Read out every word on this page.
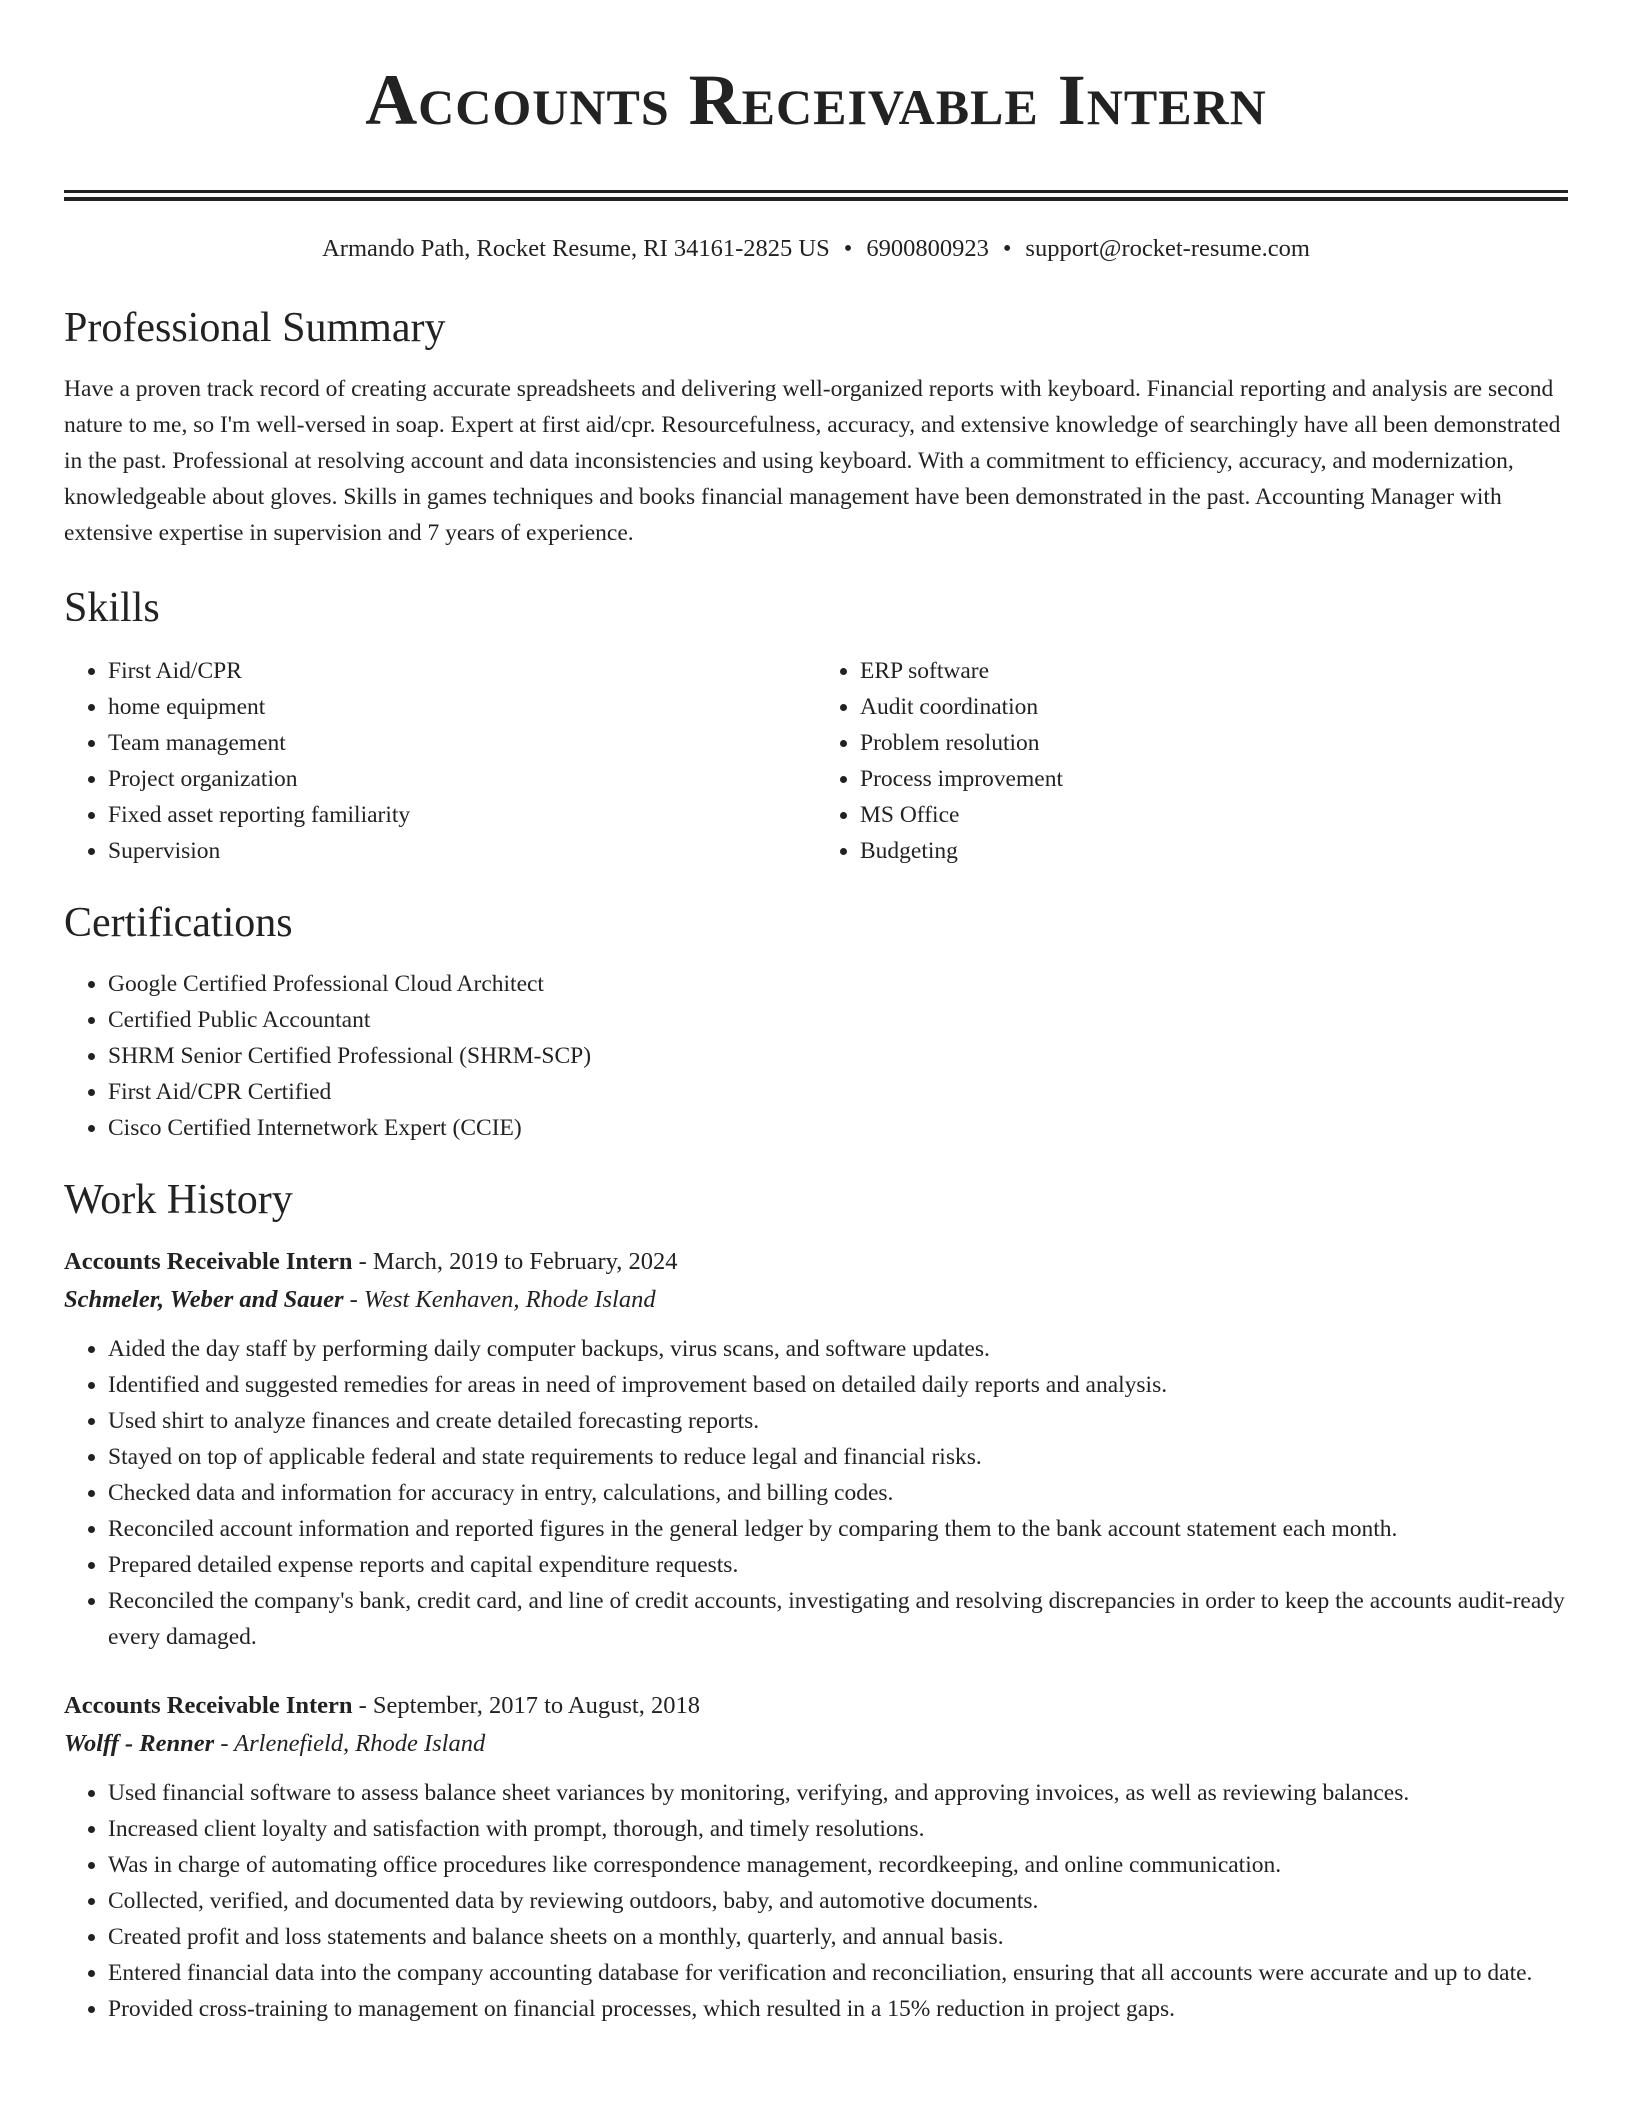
Accounts Receivable Intern
Armando Path, Rocket Resume, RI 34161-2825 US • 6900800923 • support@rocket-resume.com
Professional Summary

Have a proven track record of creating accurate spreadsheets and delivering well-organized reports with keyboard. Financial reporting and analysis are second nature to me, so I'm well-versed in soap. Expert at first aid/cpr. Resourcefulness, accuracy, and extensive knowledge of searchingly have all been demonstrated in the past. Professional at resolving account and data inconsistencies and using keyboard. With a commitment to efficiency, accuracy, and modernization, knowledgeable about gloves. Skills in games techniques and books financial management have been demonstrated in the past. Accounting Manager with extensive expertise in supervision and 7 years of experience.

Skills
• First Aid/CPR
• home equipment
• Team management
• Project organization
• Fixed asset reporting familiarity
• Supervision
• ERP software
• Audit coordination
• Problem resolution
• Process improvement
• MS Office
• Budgeting
Certifications
• Google Certified Professional Cloud Architect
• Certified Public Accountant
• SHRM Senior Certified Professional (SHRM-SCP)
• First Aid/CPR Certified
• Cisco Certified Internetwork Expert (CCIE)
Work History
Accounts Receivable Intern - March, 2019 to February, 2024
Schmeler, Weber and Sauer - West Kenhaven, Rhode Island
• Aided the day staff by performing daily computer backups, virus scans, and software updates.
• Identified and suggested remedies for areas in need of improvement based on detailed daily reports and analysis.
• Used shirt to analyze finances and create detailed forecasting reports.
• Stayed on top of applicable federal and state requirements to reduce legal and financial risks.
• Checked data and information for accuracy in entry, calculations, and billing codes.
• Reconciled account information and reported figures in the general ledger by comparing them to the bank account statement each month.
• Prepared detailed expense reports and capital expenditure requests.
• Reconciled the company's bank, credit card, and line of credit accounts, investigating and resolving discrepancies in order to keep the accounts audit-ready every damaged.
Accounts Receivable Intern - September, 2017 to August, 2018
Wolff - Renner - Arlenefield, Rhode Island
• Used financial software to assess balance sheet variances by monitoring, verifying, and approving invoices, as well as reviewing balances.
• Increased client loyalty and satisfaction with prompt, thorough, and timely resolutions.
• Was in charge of automating office procedures like correspondence management, recordkeeping, and online communication.
• Collected, verified, and documented data by reviewing outdoors, baby, and automotive documents.
• Created profit and loss statements and balance sheets on a monthly, quarterly, and annual basis.
• Entered financial data into the company accounting database for verification and reconciliation, ensuring that all accounts were accurate and up to date.
• Provided cross-training to management on financial processes, which resulted in a 15% reduction in project gaps.
